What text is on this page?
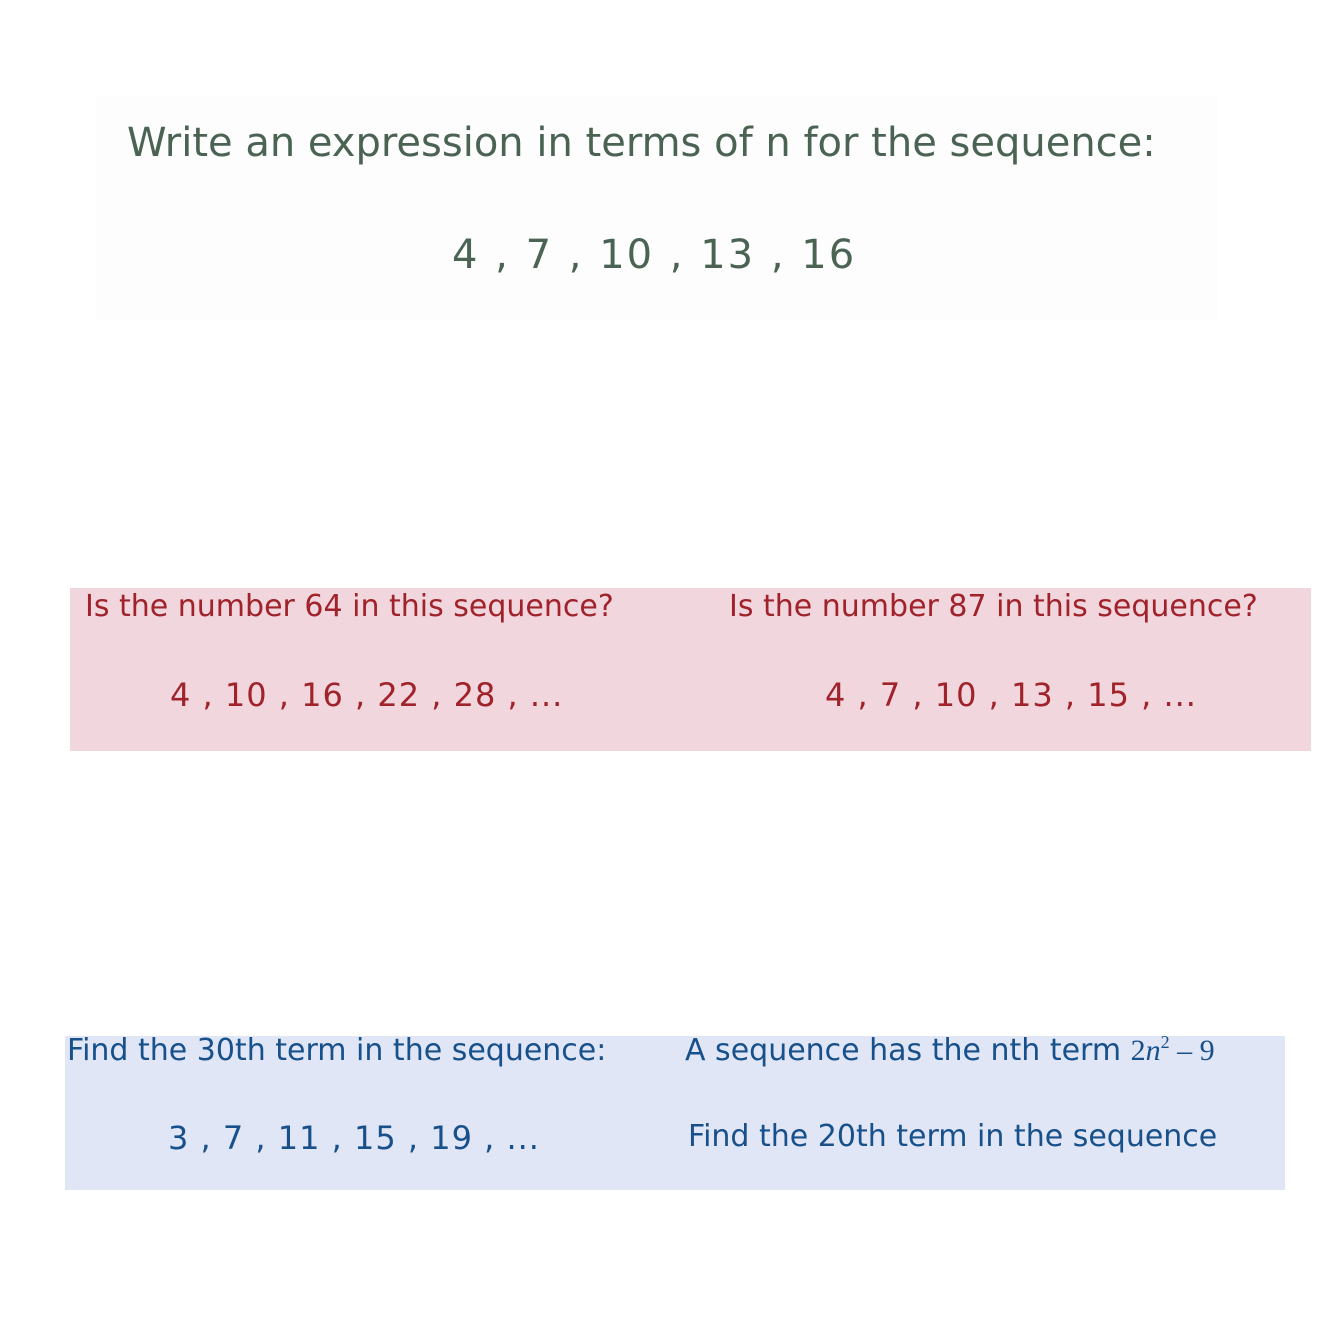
Write an expression in terms of n for the sequence:
4 , 7 , 10 , 13 , 16
Is the number 64 in this sequence?
4 , 10 , 16 , 22 , 28 , ...
Is the number 87 in this sequence?
4 , 7 , 10 , 13 , 15 , ...
Find the 30th term in the sequence:
3 , 7 , 11 , 15 , 19 , ...
A sequence has the nth term $2n^2 - 9$
Find the 20th term in the sequence
